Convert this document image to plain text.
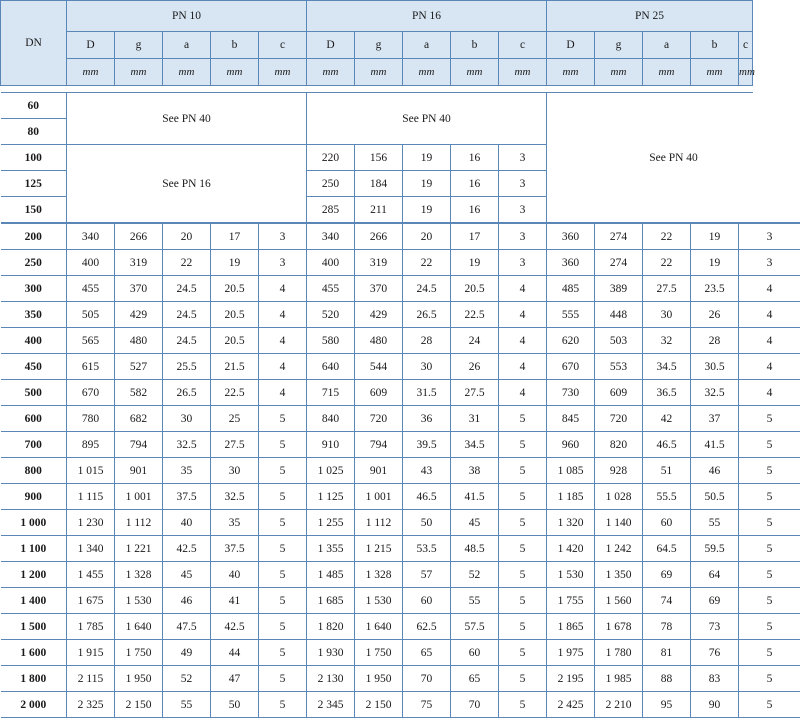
DN	PN 10					PN 16					PN 25				
	D	g	a	b	c	D	g	a	b	c	D	g	a	b	c
	mm	mm	mm	mm	mm	mm	mm	mm	mm	mm	mm	mm	mm	mm	mm

60	See PN 40					See PN 40					See PN 40				
80															
100	See PN 16					220	156	19	16	3					
125						250	184	19	16	3					
150						285	211	19	16	3					
200	340	266	20	17	3	340	266	20	17	3	360	274	22	19	3
250	400	319	22	19	3	400	319	22	19	3	360	274	22	19	3
300	455	370	24.5	20.5	4	455	370	24.5	20.5	4	485	389	27.5	23.5	4
350	505	429	24.5	20.5	4	520	429	26.5	22.5	4	555	448	30	26	4
400	565	480	24.5	20.5	4	580	480	28	24	4	620	503	32	28	4
450	615	527	25.5	21.5	4	640	544	30	26	4	670	553	34.5	30.5	4
500	670	582	26.5	22.5	4	715	609	31.5	27.5	4	730	609	36.5	32.5	4
600	780	682	30	25	5	840	720	36	31	5	845	720	42	37	5
700	895	794	32.5	27.5	5	910	794	39.5	34.5	5	960	820	46.5	41.5	5
800	1 015	901	35	30	5	1 025	901	43	38	5	1 085	928	51	46	5
900	1 115	1 001	37.5	32.5	5	1 125	1 001	46.5	41.5	5	1 185	1 028	55.5	50.5	5
1 000	1 230	1 112	40	35	5	1 255	1 112	50	45	5	1 320	1 140	60	55	5
1 100	1 340	1 221	42.5	37.5	5	1 355	1 215	53.5	48.5	5	1 420	1 242	64.5	59.5	5
1 200	1 455	1 328	45	40	5	1 485	1 328	57	52	5	1 530	1 350	69	64	5
1 400	1 675	1 530	46	41	5	1 685	1 530	60	55	5	1 755	1 560	74	69	5
1 500	1 785	1 640	47.5	42.5	5	1 820	1 640	62.5	57.5	5	1 865	1 678	78	73	5
1 600	1 915	1 750	49	44	5	1 930	1 750	65	60	5	1 975	1 780	81	76	5
1 800	2 115	1 950	52	47	5	2 130	1 950	70	65	5	2 195	1 985	88	83	5
2 000	2 325	2 150	55	50	5	2 345	2 150	75	70	5	2 425	2 210	95	90	5
